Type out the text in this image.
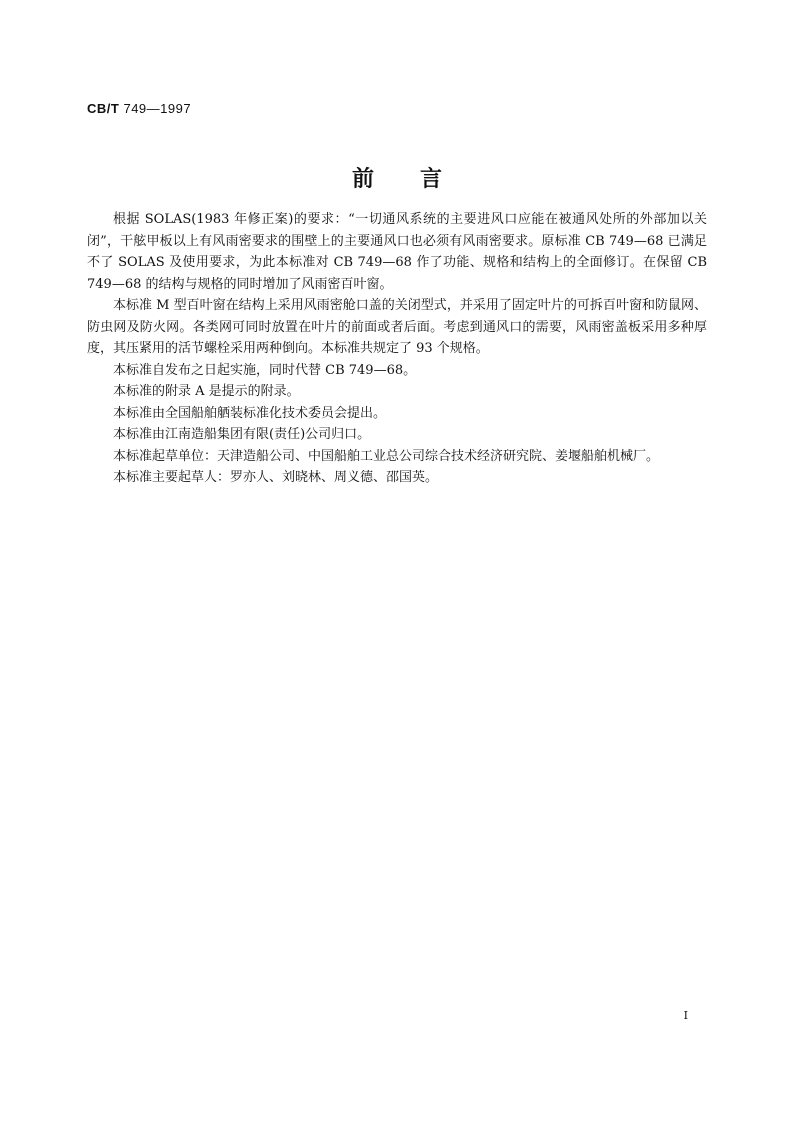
CB/T 749—1997
前言

根据 SOLAS(1983 年修正案)的要求：“一切通风系统的主要进风口应能在被通风处所的外部加以关闭”，干舷甲板以上有风雨密要求的围壁上的主要通风口也必须有风雨密要求。原标准 CB 749—68 已满足不了 SOLAS 及使用要求，为此本标准对 CB 749—68 作了功能、规格和结构上的全面修订。在保留 CB 749—68 的结构与规格的同时增加了风雨密百叶窗。

本标准 M 型百叶窗在结构上采用风雨密舱口盖的关闭型式，并采用了固定叶片的可拆百叶窗和防鼠网、防虫网及防火网。各类网可同时放置在叶片的前面或者后面。考虑到通风口的需要，风雨密盖板采用多种厚度，其压紧用的活节螺栓采用两种倒向。本标准共规定了 93 个规格。

本标准自发布之日起实施，同时代替 CB 749—68。

本标准的附录 A 是提示的附录。

本标准由全国船舶舾装标准化技术委员会提出。

本标准由江南造船集团有限(责任)公司归口。

本标准起草单位：天津造船公司、中国船舶工业总公司综合技术经济研究院、姜堰船舶机械厂。

本标准主要起草人：罗亦人、刘晓林、周义德、邵国英。

I
